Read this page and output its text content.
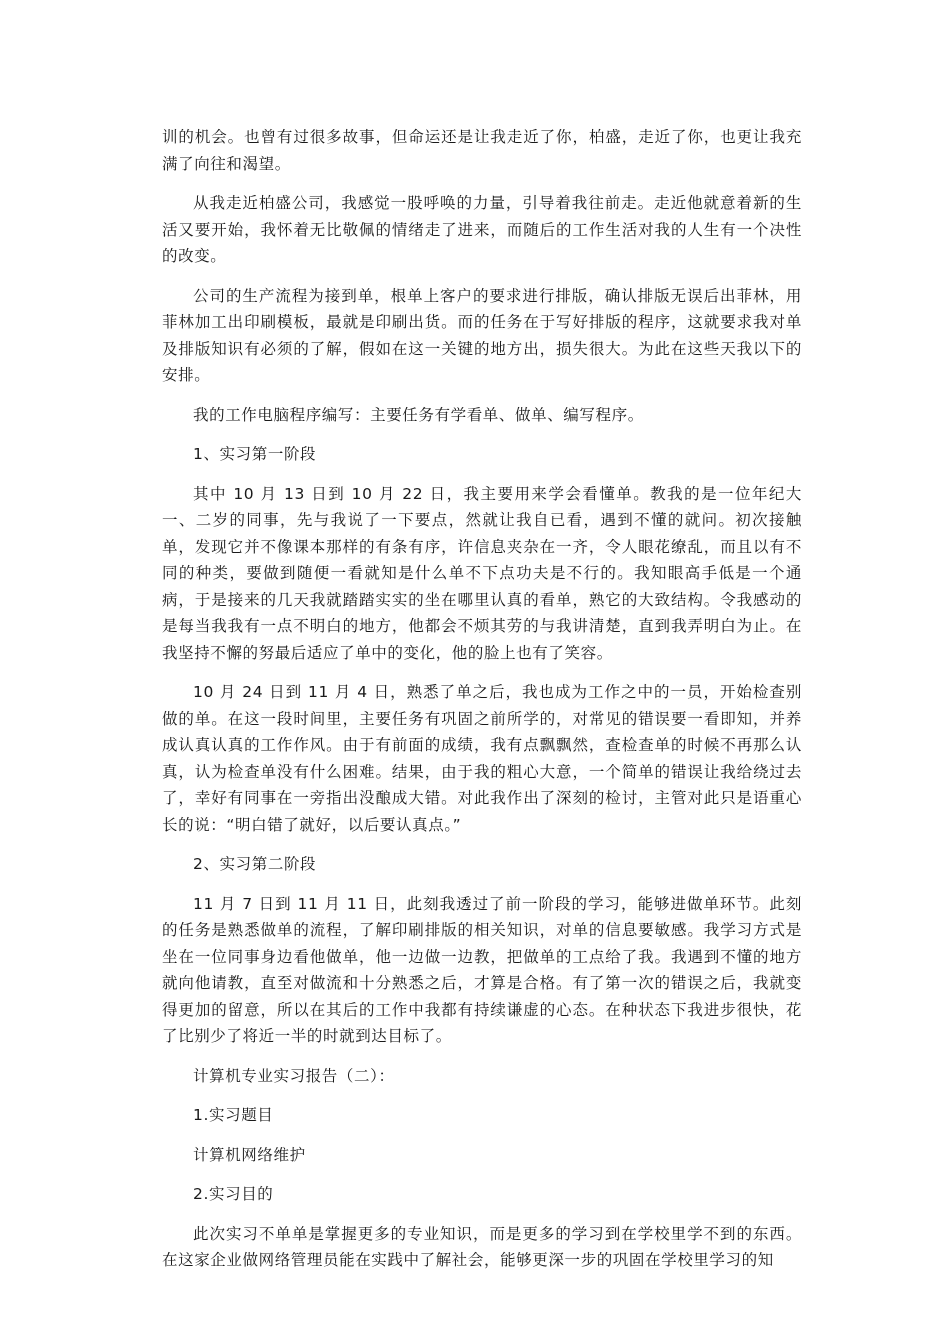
训的机会。也曾有过很多故事，但命运还是让我走近了你，柏盛，走近了你，也更让我充满了向往和渴望。

从我走近柏盛公司，我感觉一股呼唤的力量，引导着我往前走。走近他就意着新的生活又要开始，我怀着无比敬佩的情绪走了进来，而随后的工作生活对我的人生有一个决性的改变。

公司的生产流程为接到单，根单上客户的要求进行排版，确认排版无误后出菲林，用菲林加工出印刷模板，最就是印刷出货。而的任务在于写好排版的程序，这就要求我对单及排版知识有必须的了解，假如在这一关键的地方出，损失很大。为此在这些天我以下的安排。

我的工作电脑程序编写：主要任务有学看单、做单、编写程序。

1、实习第一阶段

其中 10 月 13 日到 10 月 22 日，我主要用来学会看懂单。教我的是一位年纪大一、二岁的同事，先与我说了一下要点，然就让我自已看，遇到不懂的就问。初次接触单，发现它并不像课本那样的有条有序，许信息夹杂在一齐，令人眼花缭乱，而且以有不同的种类，要做到随便一看就知是什么单不下点功夫是不行的。我知眼高手低是一个通病，于是接来的几天我就踏踏实实的坐在哪里认真的看单，熟它的大致结构。令我感动的是每当我我有一点不明白的地方，他都会不烦其劳的与我讲清楚，直到我弄明白为止。在我坚持不懈的努最后适应了单中的变化，他的脸上也有了笑容。

10 月 24 日到 11 月 4 日，熟悉了单之后，我也成为工作之中的一员，开始检查别做的单。在这一段时间里，主要任务有巩固之前所学的，对常见的错误要一看即知，并养成认真认真的工作作风。由于有前面的成绩，我有点飘飘然，查检查单的时候不再那么认真，认为检查单没有什么困难。结果，由于我的粗心大意，一个简单的错误让我给绕过去了，幸好有同事在一旁指出没酿成大错。对此我作出了深刻的检讨，主管对此只是语重心长的说：“明白错了就好，以后要认真点。”

2、实习第二阶段

11 月 7 日到 11 月 11 日，此刻我透过了前一阶段的学习，能够进做单环节。此刻的任务是熟悉做单的流程，了解印刷排版的相关知识，对单的信息要敏感。我学习方式是坐在一位同事身边看他做单，他一边做一边教，把做单的工点给了我。我遇到不懂的地方就向他请教，直至对做流和十分熟悉之后，才算是合格。有了第一次的错误之后，我就变得更加的留意，所以在其后的工作中我都有持续谦虚的心态。在种状态下我进步很快，花了比别少了将近一半的时就到达目标了。

计算机专业实习报告（二）：

1.实习题目

计算机网络维护

2.实习目的

此次实习不单单是掌握更多的专业知识，而是更多的学习到在学校里学不到的东西。在这家企业做网络管理员能在实践中了解社会，能够更深一步的巩固在学校里学习的知
